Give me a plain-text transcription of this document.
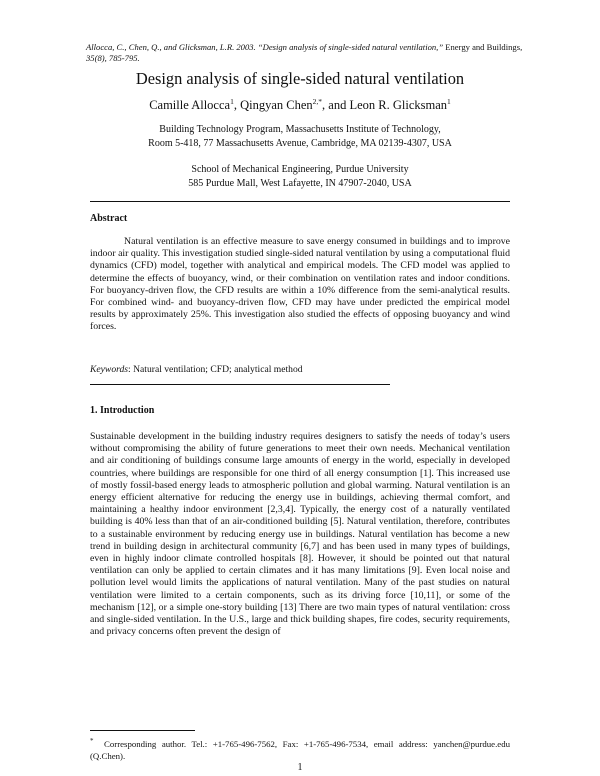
Allocca, C., Chen, Q., and Glicksman, L.R. 2003. “Design analysis of single-sided natural ventilation,” Energy and Buildings, 35(8), 785-795.
Design analysis of single-sided natural ventilation
Camille Allocca$^1$, Qingyan Chen$^{2,*}$, and Leon R. Glicksman$^1$
Building Technology Program, Massachusetts Institute of Technology,
Room 5-418, 77 Massachusetts Avenue, Cambridge, MA 02139-4307, USA
School of Mechanical Engineering, Purdue University
585 Purdue Mall, West Lafayette, IN 47907-2040, USA
Abstract
Natural ventilation is an effective measure to save energy consumed in buildings and to improve indoor air quality. This investigation studied single-sided natural ventilation by using a computational fluid dynamics (CFD) model, together with analytical and empirical models. The CFD model was applied to determine the effects of buoyancy, wind, or their combination on ventilation rates and indoor conditions. For buoyancy-driven flow, the CFD results are within a 10% difference from the semi-analytical results. For combined wind- and buoyancy-driven flow, CFD may have under predicted the empirical model results by approximately 25%. This investigation also studied the effects of opposing buoyancy and wind forces.
Keywords: Natural ventilation; CFD; analytical method
1. Introduction
Sustainable development in the building industry requires designers to satisfy the needs of today’s users without compromising the ability of future generations to meet their own needs. Mechanical ventilation and air conditioning of buildings consume large amounts of energy in the world, especially in developed countries, where buildings are responsible for one third of all energy consumption [1]. This increased use of mostly fossil-based energy leads to atmospheric pollution and global warming. Natural ventilation is an energy efficient alternative for reducing the energy use in buildings, achieving thermal comfort, and maintaining a healthy indoor environment [2,3,4]. Typically, the energy cost of a naturally ventilated building is 40% less than that of an air-conditioned building [5]. Natural ventilation, therefore, contributes to a sustainable environment by reducing energy use in buildings. Natural ventilation has become a new trend in building design in architectural community [6,7] and has been used in many types of buildings, even in highly indoor climate controlled hospitals [8]. However, it should be pointed out that natural ventilation can only be applied to certain climates and it has many limitations [9]. Even local noise and pollution level would limits the applications of natural ventilation. Many of the past studies on natural ventilation were limited to a certain components, such as its driving force [10,11], or some of the mechanism [12], or a simple one-story building [13] There are two main types of natural ventilation: cross and single-sided ventilation. In the U.S., large and thick building shapes, fire codes, security requirements, and privacy concerns often prevent the design of
*	Corresponding author. Tel.: +1-765-496-7562, Fax: +1-765-496-7534, email address: yanchen@purdue.edu (Q.Chen).
1
